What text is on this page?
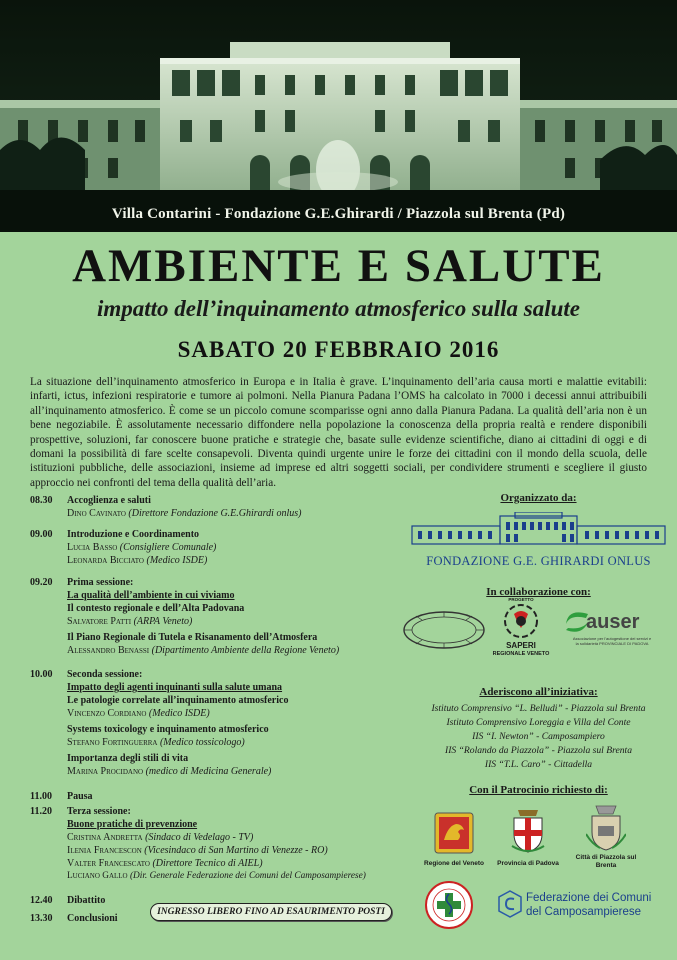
Villa Contarini - Fondazione G.E.Ghirardi / Piazzola sul Brenta (Pd)
AMBIENTE E SALUTE
impatto dell’inquinamento atmosferico sulla salute
SABATO 20 FEBBRAIO 2016
La situazione dell’inquinamento atmosferico in Europa e in Italia è grave. L’inquinamento dell’aria causa morti e malattie evitabili: infarti, ictus, infezioni respiratorie e tumore ai polmoni. Nella Pianura Padana l’OMS ha calcolato in 7000 i decessi annui attribuibili all’inquinamento atmosferico. È come se un piccolo comune scomparisse ogni anno dalla Pianura Padana. La qualità dell’aria non è un bene negoziabile. È assolutamente necessario diffondere nella popolazione la conoscenza della propria realtà e rendere disponibili prospettive, soluzioni, far conoscere buone pratiche e strategie che, basate sulle evidenze scientifiche, diano ai cittadini di oggi e di domani la possibilità di fare scelte consapevoli. Diventa quindi urgente unire le forze dei cittadini con il mondo della scuola, delle istituzioni pubbliche, delle associazioni, insieme ad imprese ed altri soggetti sociali, per condividere strumenti e scegliere il giusto approccio nei confronti del tema della qualità dell’aria.
08.30	Accoglienza e saluti
Dino Cavinato (Direttore Fondazione G.E.Ghirardi onlus)
09.00	Introduzione e Coordinamento
Lucia Basso (Consigliere Comunale)
Leonarda Bicciato (Medico ISDE)
09.20	Prima sessione:
La qualità dell’ambiente in cui viviamo
Il contesto regionale e dell’Alta Padovana
Salvatore Patti (ARPA Veneto)
Il Piano Regionale di Tutela e Risanamento dell’Atmosfera
Alessandro Benassi (Dipartimento Ambiente della Regione Veneto)
10.00	Seconda sessione:
Impatto degli agenti inquinanti sulla salute umana
Le patologie correlate all’inquinamento atmosferico
Vincenzo Cordiano (Medico ISDE)
Systems toxicology e inquinamento atmosferico
Stefano Fortinguerra (Medico tossicologo)
Importanza degli stili di vita
Marina Procidano (medico di Medicina Generale)
11.00	Pausa
11.20	Terza sessione:
Buone pratiche di prevenzione
Cristina Andretta (Sindaco di Vedelago - TV)
Ilenia Francescon (Vicesindaco di San Martino di Venezze - RO)
Valter Francescato (Direttore Tecnico di AIEL)
Luciano Gallo (Dir. Generale Federazione dei Comuni del Camposampierese)
12.40	Dibattito
13.30	Conclusioni
INGRESSO LIBERO FINO AD ESAURIMENTO POSTI
Organizzato da:
FONDAZIONE G.E. GHIRARDI ONLUS
In collaborazione con:
SAPERI
REGIONALE VENETO
PROGETTO
auser
Associazione per l'autogestione dei servizi e la solidarietà PROVINCIALE DI PADOVA
Aderiscono all’iniziativa:
Istituto Comprensivo “L. Belludi” - Piazzola sul Brenta
Istituto Comprensivo Loreggia e Villa del Conte
IIS “I. Newton” - Camposampiero
IIS “Rolando da Piazzola” - Piazzola sul Brenta
IIS “T.L. Caro” - Cittadella
Con il Patrocinio richiesto di:
Regione del Veneto	Provincia di Padova
Città di Piazzola sul Brenta
Federazione dei Comuni
del Camposampierese
